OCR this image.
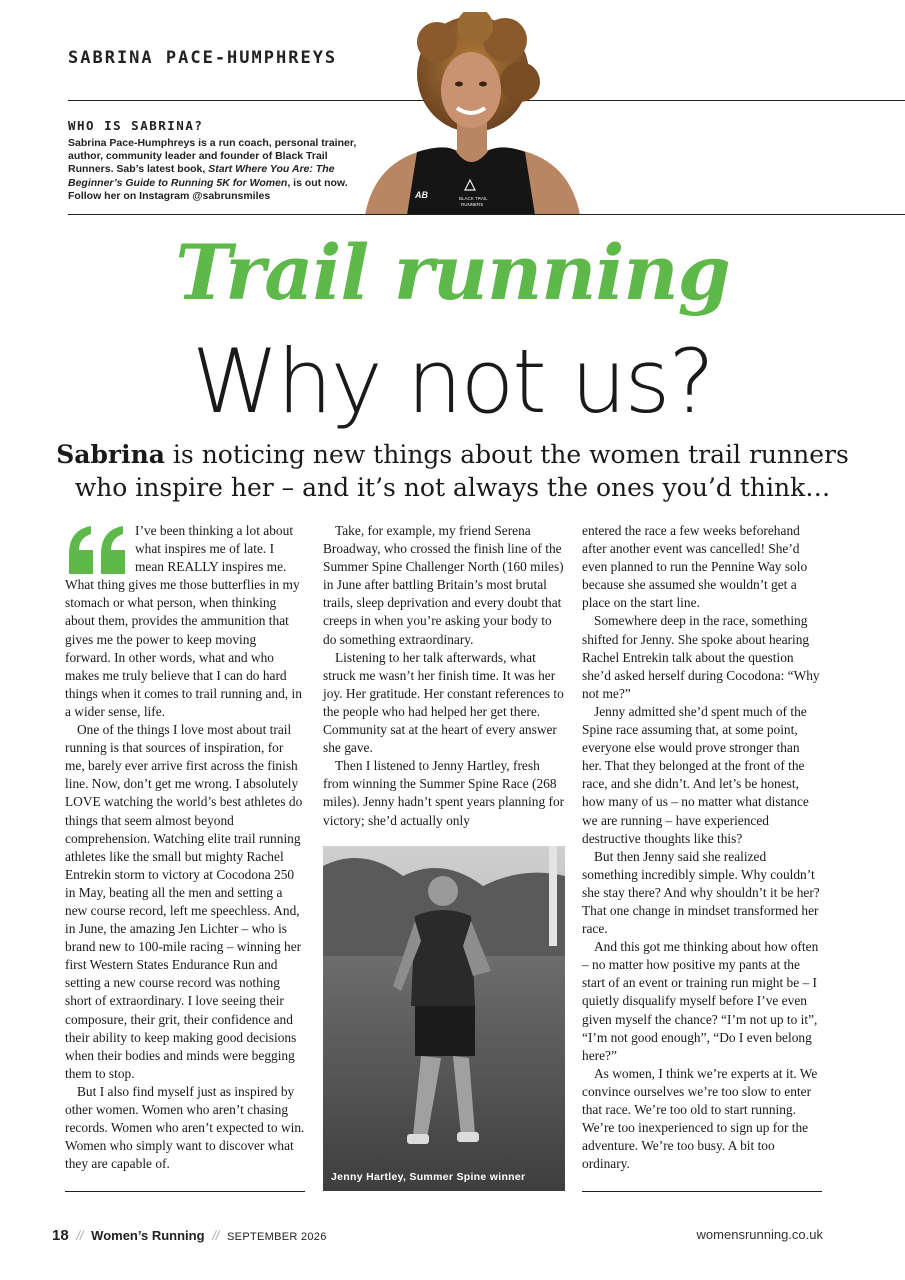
SABRINA PACE-HUMPHREYS
AB	BLACK TRAIL
RUNNERS
WHO IS SABRINA?
Sabrina Pace-Humphreys is a run coach, personal trainer, author, community leader and founder of Black Trail Runners. Sab’s latest book, Start Where You Are: The Beginner’s Guide to Running 5K for Women, is out now. Follow her on Instagram @sabrunsmiles
Trail running
Why not us?
Sabrina is noticing new things about the women trail runners
who inspire her – and it’s not always the ones you’d think…

I’ve been thinking a lot about what inspires me of late. I mean REALLY inspires me. What thing gives me those butterflies in my stomach or what person, when thinking about them, provides the ammunition that gives me the power to keep moving forward. In other words, what and who makes me truly believe that I can do hard things when it comes to trail running and, in a wider sense, life.

One of the things I love most about trail running is that sources of inspiration, for me, barely ever arrive first across the finish line. Now, don’t get me wrong. I absolutely LOVE watching the world’s best athletes do things that seem almost beyond comprehension. Watching elite trail running athletes like the small but mighty Rachel Entrekin storm to victory at Cocodona 250 in May, beating all the men and setting a new course record, left me speechless. And, in June, the amazing Jen Lichter – who is brand new to 100-mile racing – winning her first Western States Endurance Run and setting a new course record was nothing short of extraordinary. I love seeing their composure, their grit, their confidence and their ability to keep making good decisions when their bodies and minds were begging them to stop.

But I also find myself just as inspired by other women. Women who aren’t chasing records. Women who aren’t expected to win. Women who simply want to discover what they are capable of.

Take, for example, my friend Serena Broadway, who crossed the finish line of the Summer Spine Challenger North (160 miles) in June after battling Britain’s most brutal trails, sleep deprivation and every doubt that creeps in when you’re asking your body to do something extraordinary.

Listening to her talk afterwards, what struck me wasn’t her finish time. It was her joy. Her gratitude. Her constant references to the people who had helped her get there. Community sat at the heart of every answer she gave.

Then I listened to Jenny Hartley, fresh from winning the Summer Spine Race (268 miles). Jenny hadn’t spent years planning for victory; she’d actually only

Jenny Hartley, Summer Spine winner

entered the race a few weeks beforehand after another event was cancelled! She’d even planned to run the Pennine Way solo because she assumed she wouldn’t get a place on the start line.

Somewhere deep in the race, something shifted for Jenny. She spoke about hearing Rachel Entrekin talk about the question she’d asked herself during Cocodona: “Why not me?”

Jenny admitted she’d spent much of the Spine race assuming that, at some point, everyone else would prove stronger than her. That they belonged at the front of the race, and she didn’t. And let’s be honest, how many of us – no matter what distance we are running – have experienced destructive thoughts like this?

But then Jenny said she realized something incredibly simple. Why couldn’t she stay there? And why shouldn’t it be her? That one change in mindset transformed her race.

And this got me thinking about how often – no matter how positive my pants at the start of an event or training run might be – I quietly disqualify myself before I’ve even given myself the chance? “I’m not up to it”, “I’m not good enough”, “Do I even belong here?”

As women, I think we’re experts at it. We convince ourselves we’re too slow to enter that race. We’re too old to start running. We’re too inexperienced to sign up for the adventure. We’re too busy. A bit too ordinary.

18 // Women’s Running // SEPTEMBER 2026	womensrunning.co.uk
